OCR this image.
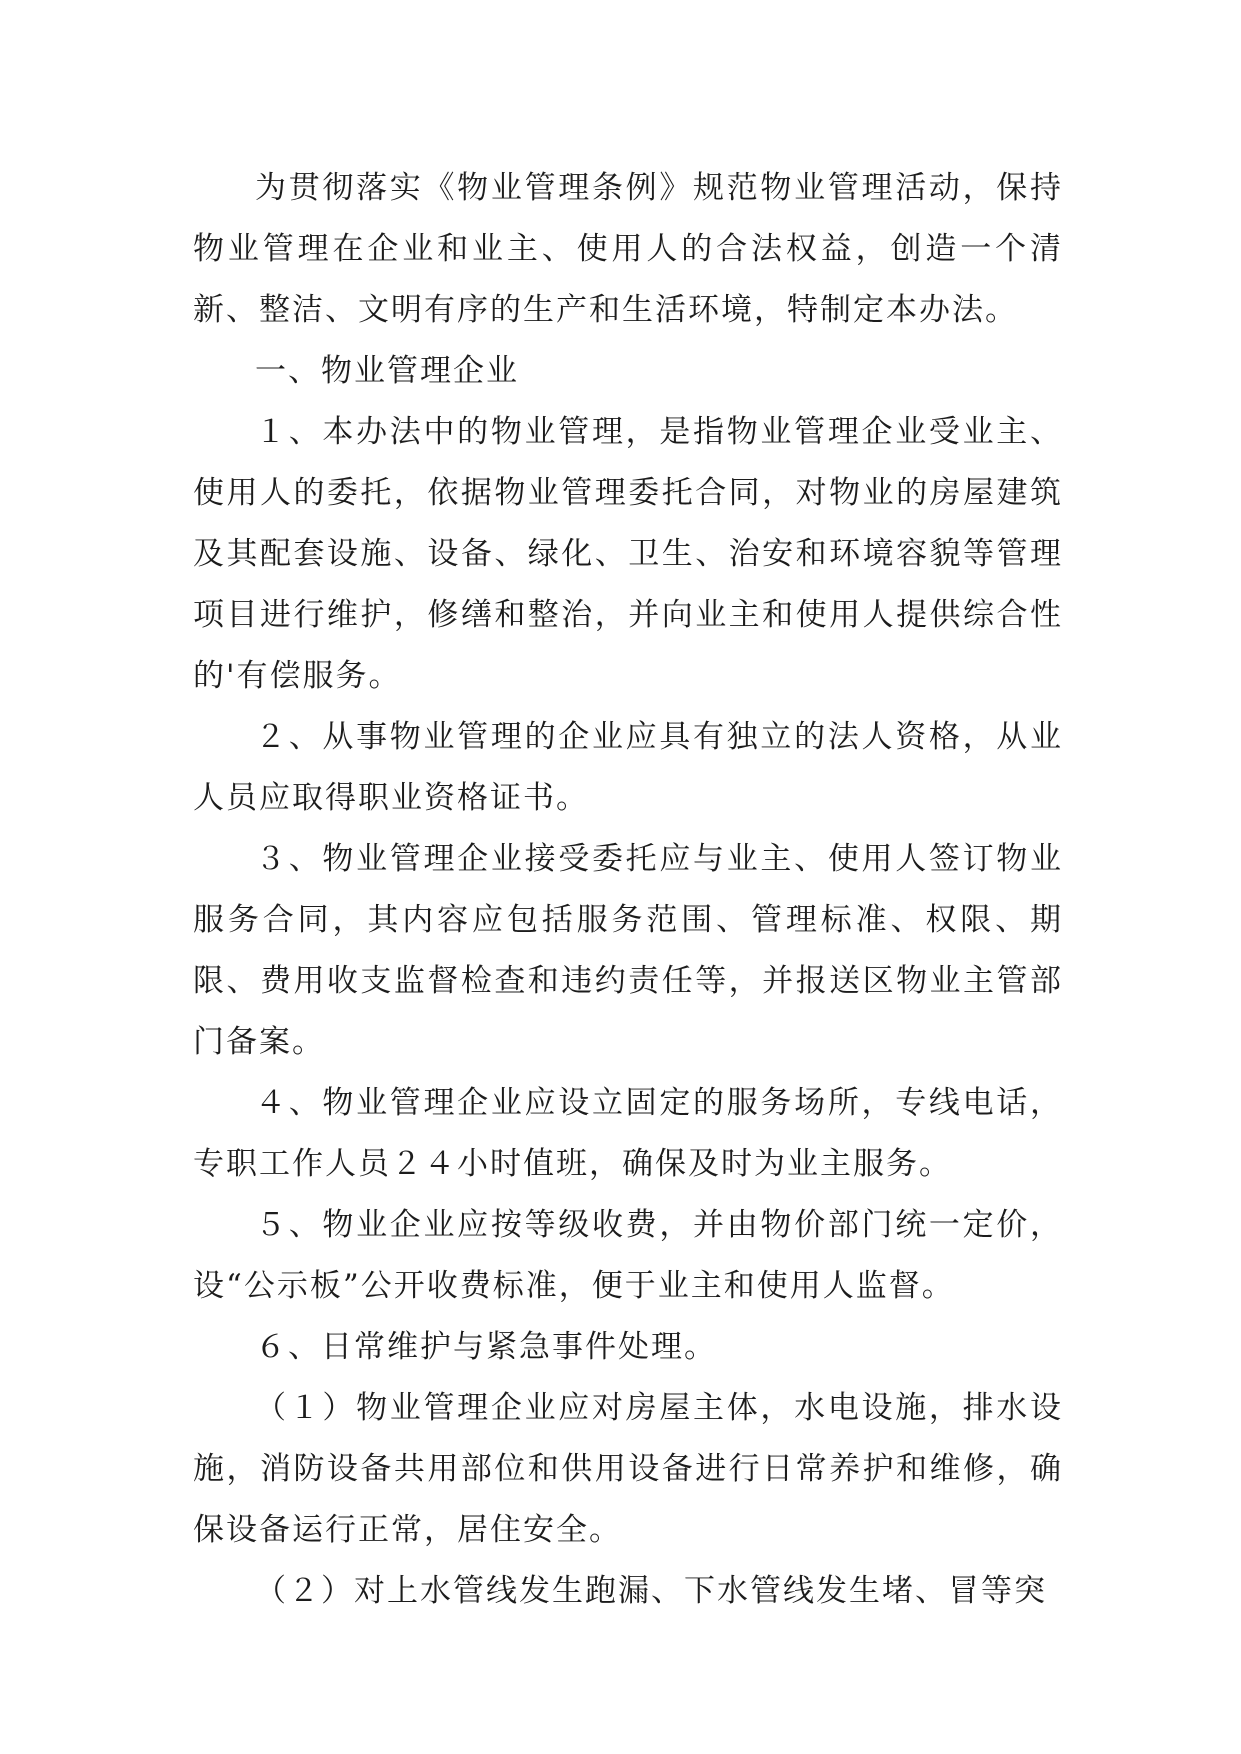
为贯彻落实《物业管理条例》规范物业管理活动，保持物业管理在企业和业主、使用人的合法权益，创造一个清新、整洁、文明有序的生产和生活环境，特制定本办法。

一、物业管理企业

１、本办法中的物业管理，是指物业管理企业受业主、使用人的委托，依据物业管理委托合同，对物业的房屋建筑及其配套设施、设备、绿化、卫生、治安和环境容貌等管理项目进行维护，修缮和整治，并向业主和使用人提供综合性的'有偿服务。

２、从事物业管理的企业应具有独立的法人资格，从业人员应取得职业资格证书。

３、物业管理企业接受委托应与业主、使用人签订物业服务合同，其内容应包括服务范围、管理标准、权限、期限、费用收支监督检查和违约责任等，并报送区物业主管部门备案。

４、物业管理企业应设立固定的服务场所，专线电话，专职工作人员２４小时值班，确保及时为业主服务。

５、物业企业应按等级收费，并由物价部门统一定价，设“公示板”公开收费标准，便于业主和使用人监督。

６、日常维护与紧急事件处理。

（１）物业管理企业应对房屋主体，水电设施，排水设施，消防设备共用部位和供用设备进行日常养护和维修，确保设备运行正常，居住安全。

（２）对上水管线发生跑漏、下水管线发生堵、冒等突
